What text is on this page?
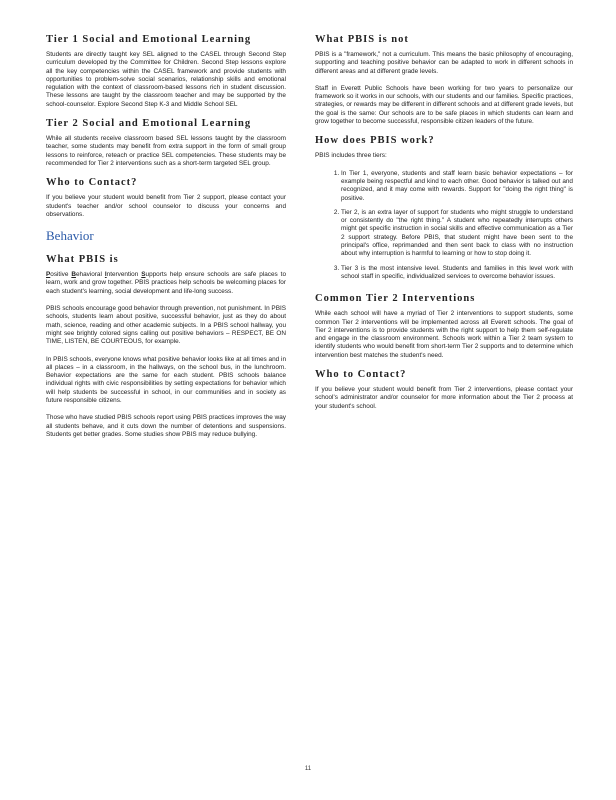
Tier 1 Social and Emotional Learning

Students are directly taught key SEL aligned to the CASEL through Second Step curriculum developed by the Committee for Children. Second Step lessons explore all the key competencies within the CASEL framework and provide students with opportunities to problem-solve social scenarios, relationship skills and emotional regulation with the context of classroom-based lessons rich in student discussion. These lessons are taught by the classroom teacher and may be supported by the school-counselor. Explore Second Step K-3 and Middle School SEL

Tier 2 Social and Emotional Learning

While all students receive classroom based SEL lessons taught by the classroom teacher, some students may benefit from extra support in the form of small group lessons to reinforce, reteach or practice SEL competencies. These students may be recommended for Tier 2 interventions such as a short-term targeted SEL group.

Who to Contact?

If you believe your student would benefit from Tier 2 support, please contact your student's teacher and/or school counselor to discuss your concerns and observations.

Behavior
What PBIS is

Positive Behavioral Intervention Supports help ensure schools are safe places to learn, work and grow together. PBIS practices help schools be welcoming places for each student's learning, social development and life-long success.

PBIS schools encourage good behavior through prevention, not punishment. In PBIS schools, students learn about positive, successful behavior, just as they do about math, science, reading and other academic subjects. In a PBIS school hallway, you might see brightly colored signs calling out positive behaviors – RESPECT, BE ON TIME, LISTEN, BE COURTEOUS, for example.

In PBIS schools, everyone knows what positive behavior looks like at all times and in all places – in a classroom, in the hallways, on the school bus, in the lunchroom. Behavior expectations are the same for each student. PBIS schools balance individual rights with civic responsibilities by setting expectations for behavior which will help students be successful in school, in our communities and in society as future responsible citizens.

Those who have studied PBIS schools report using PBIS practices improves the way all students behave, and it cuts down the number of detentions and suspensions. Students get better grades. Some studies show PBIS may reduce bullying.

What PBIS is not

PBIS is a "framework," not a curriculum. This means the basic philosophy of encouraging, supporting and teaching positive behavior can be adapted to work in different schools in different areas and at different grade levels.

Staff in Everett Public Schools have been working for two years to personalize our framework so it works in our schools, with our students and our families. Specific practices, strategies, or rewards may be different in different schools and at different grade levels, but the goal is the same: Our schools are to be safe places in which students can learn and grow together to become successful, responsible citizen leaders of the future.

How does PBIS work?

PBIS includes three tiers:

1. In Tier 1, everyone, students and staff learn basic behavior expectations – for example being respectful and kind to each other. Good behavior is talked out and recognized, and it may come with rewards. Support for "doing the right thing" is positive.
2. Tier 2, is an extra layer of support for students who might struggle to understand or consistently do "the right thing." A student who repeatedly interrupts others might get specific instruction in social skills and effective communication as a Tier 2 support strategy. Before PBIS, that student might have been sent to the principal's office, reprimanded and then sent back to class with no instruction about why interruption is harmful to learning or how to stop doing it.
3. Tier 3 is the most intensive level. Students and families in this level work with school staff in specific, individualized services to overcome behavior issues.
Common Tier 2 Interventions

While each school will have a myriad of Tier 2 interventions to support students, some common Tier 2 interventions will be implemented across all Everett schools. The goal of Tier 2 interventions is to provide students with the right support to help them self-regulate and engage in the classroom environment. Schools work within a Tier 2 team system to identify students who would benefit from short-term Tier 2 supports and to determine which intervention best matches the student's need.

Who to Contact?

If you believe your student would benefit from Tier 2 interventions, please contact your school's administrator and/or counselor for more information about the Tier 2 process at your student's school.

11
